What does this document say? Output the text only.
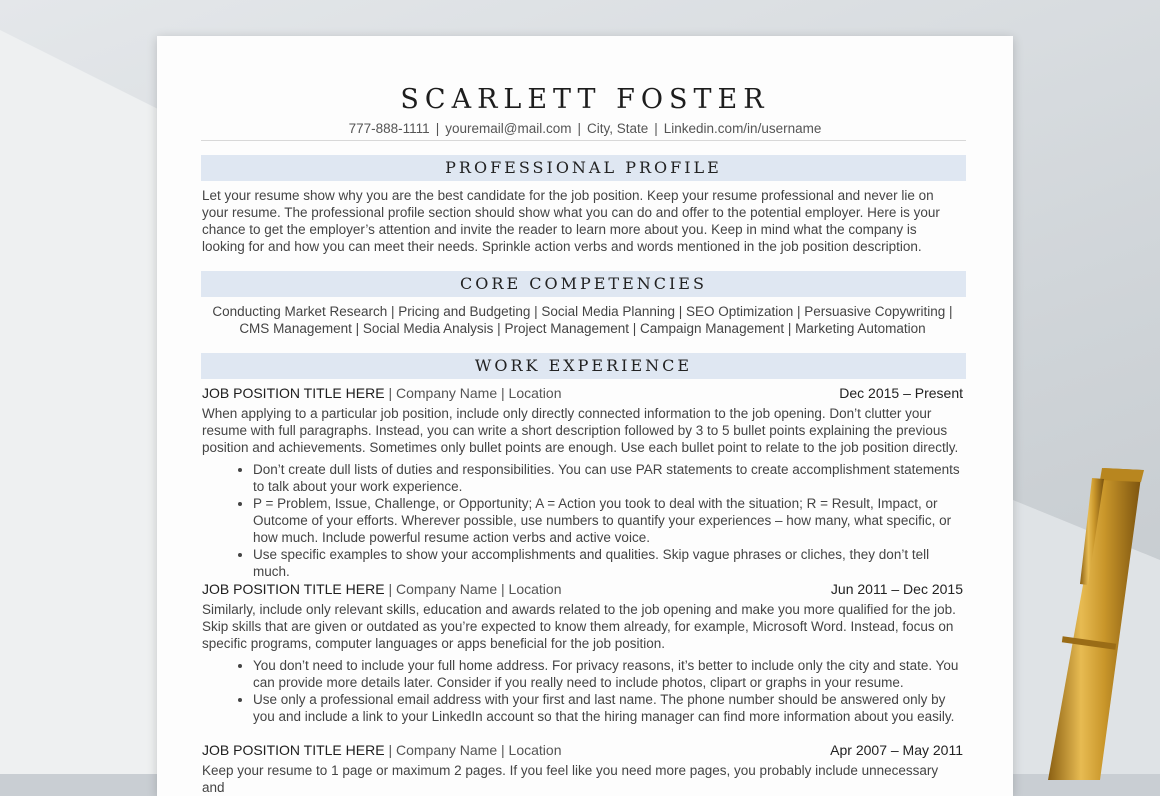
SCARLETT FOSTER
777-888-1111 | youremail@mail.com | City, State | Linkedin.com/in/username
PROFESSIONAL PROFILE
Let your resume show why you are the best candidate for the job position. Keep your resume professional and never lie on your resume. The professional profile section should show what you can do and offer to the potential employer. Here is your chance to get the employer’s attention and invite the reader to learn more about you. Keep in mind what the company is looking for and how you can meet their needs. Sprinkle action verbs and words mentioned in the job position description.
CORE COMPETENCIES
Conducting Market Research | Pricing and Budgeting | Social Media Planning | SEO Optimization | Persuasive Copywriting |
CMS Management | Social Media Analysis | Project Management | Campaign Management | Marketing Automation
WORK EXPERIENCE
JOB POSITION TITLE HERE | Company Name | Location	Dec 2015 – Present
When applying to a particular job position, include only directly connected information to the job opening. Don’t clutter your resume with full paragraphs. Instead, you can write a short description followed by 3 to 5 bullet points explaining the previous position and achievements. Sometimes only bullet points are enough. Use each bullet point to relate to the job position directly.
• Don’t create dull lists of duties and responsibilities. You can use PAR statements to create accomplishment statements to talk about your work experience.
• P = Problem, Issue, Challenge, or Opportunity; A = Action you took to deal with the situation; R = Result, Impact, or Outcome of your efforts. Wherever possible, use numbers to quantify your experiences – how many, what specific, or how much. Include powerful resume action verbs and active voice.
• Use specific examples to show your accomplishments and qualities. Skip vague phrases or cliches, they don’t tell much.
JOB POSITION TITLE HERE | Company Name | Location	Jun 2011 – Dec 2015
Similarly, include only relevant skills, education and awards related to the job opening and make you more qualified for the job. Skip skills that are given or outdated as you’re expected to know them already, for example, Microsoft Word. Instead, focus on specific programs, computer languages or apps beneficial for the job position.
• You don’t need to include your full home address. For privacy reasons, it’s better to include only the city and state. You can provide more details later. Consider if you really need to include photos, clipart or graphs in your resume.
• Use only a professional email address with your first and last name. The phone number should be answered only by you and include a link to your LinkedIn account so that the hiring manager can find more information about you easily.
JOB POSITION TITLE HERE | Company Name | Location	Apr 2007 – May 2011
Keep your resume to 1 page or maximum 2 pages. If you feel like you need more pages, you probably include unnecessary and
